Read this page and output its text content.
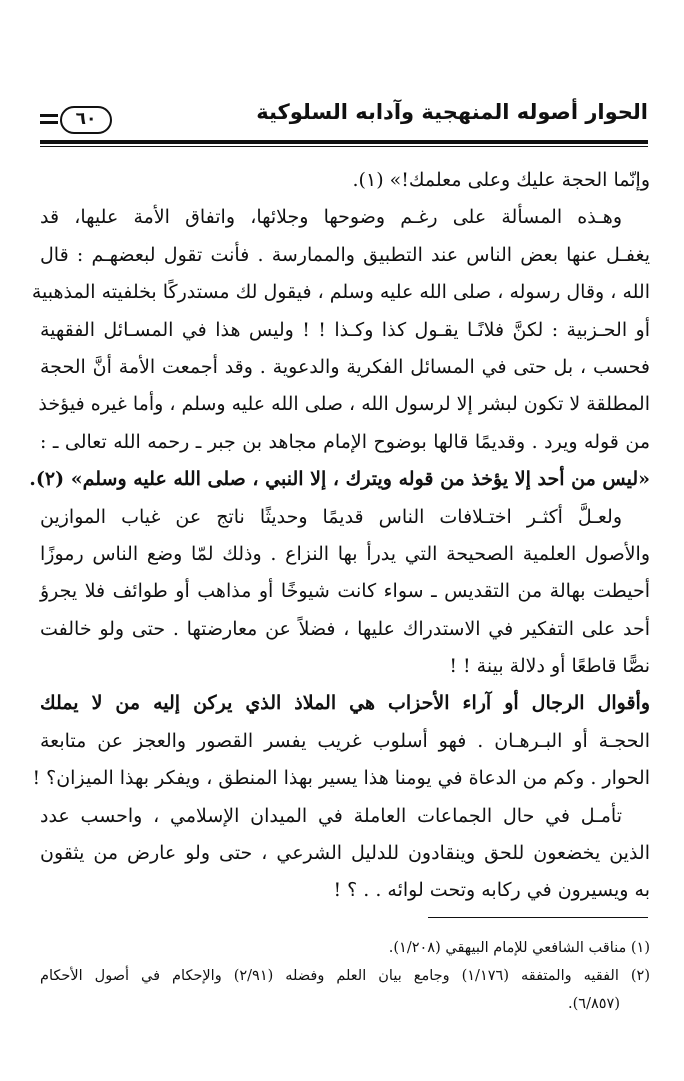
الحوار أصوله المنهجية وآدابه السلوكية
٦٠
وإنّما الحجة عليك وعلى معلمك!» (١).
وهـذه المسألة على رغـم وضوحها وجلائها، واتفاق الأمة عليها، قد
يغفـل عنها بعض الناس عند التطبيق والممارسة . فأنت تقول لبعضهـم : قال
الله ، وقال رسوله ، صلى الله عليه وسلم ، فيقول لك مستدركًا بخلفيته المذهبية
أو الحـزبية : لكنَّ فلانًـا يقـول كذا وكـذا ! ! وليس هذا في المسـائل الفقهية
فحسب ، بل حتى في المسائل الفكرية والدعوية . وقد أجمعت الأمة أنَّ الحجة
المطلقة لا تكون لبشر إلا لرسول الله ، صلى الله عليه وسلم ، وأما غيره فيؤخذ
من قوله ويرد . وقديمًا قالها بوضوح الإمام مجاهد بن جبر ـ رحمه الله تعالى ـ :
«ليس من أحد إلا يؤخذ من قوله ويترك ، إلا النبي ، صلى الله عليه وسلم» (٢).
ولعـلَّ أكثـر اختـلافات الناس قديمًا وحديثًا ناتج عن غياب الموازين
والأصول العلمية الصحيحة التي يدرأ بها النزاع . وذلك لمّا وضع الناس رموزًا
أحيطت بهالة من التقديس ـ سواء كانت شيوخًا أو مذاهب أو طوائف فلا يجرؤ
أحد على التفكير في الاستدراك عليها ، فضلاً عن معارضتها . حتى ولو خالفت
نصًّا قاطعًا أو دلالة بينة ! !
وأقوال الرجال أو آراء الأحزاب هي الملاذ الذي يركن إليه من لا يملك
الحجـة أو البـرهـان . فهو أسلوب غريب يفسر القصور والعجز عن متابعة
الحوار . وكم من الدعاة في يومنا هذا يسير بهذا المنطق ، ويفكر بهذا الميزان؟ !
تأمـل في حال الجماعات العاملة في الميدان الإسلامي ، واحسب عدد
الذين يخضعون للحق وينقادون للدليل الشرعي ، حتى ولو عارض من يثقون
به ويسيرون في ركابه وتحت لوائه . . ؟ !
(١) مناقب الشافعي للإمام البيهقي (١/٢٠٨).
(٢) الفقيه والمتفقه (١/١٧٦) وجامع بيان العلم وفضله (٢/٩١) والإحكام في أصول الأحكام
(٦/٨٥٧).
